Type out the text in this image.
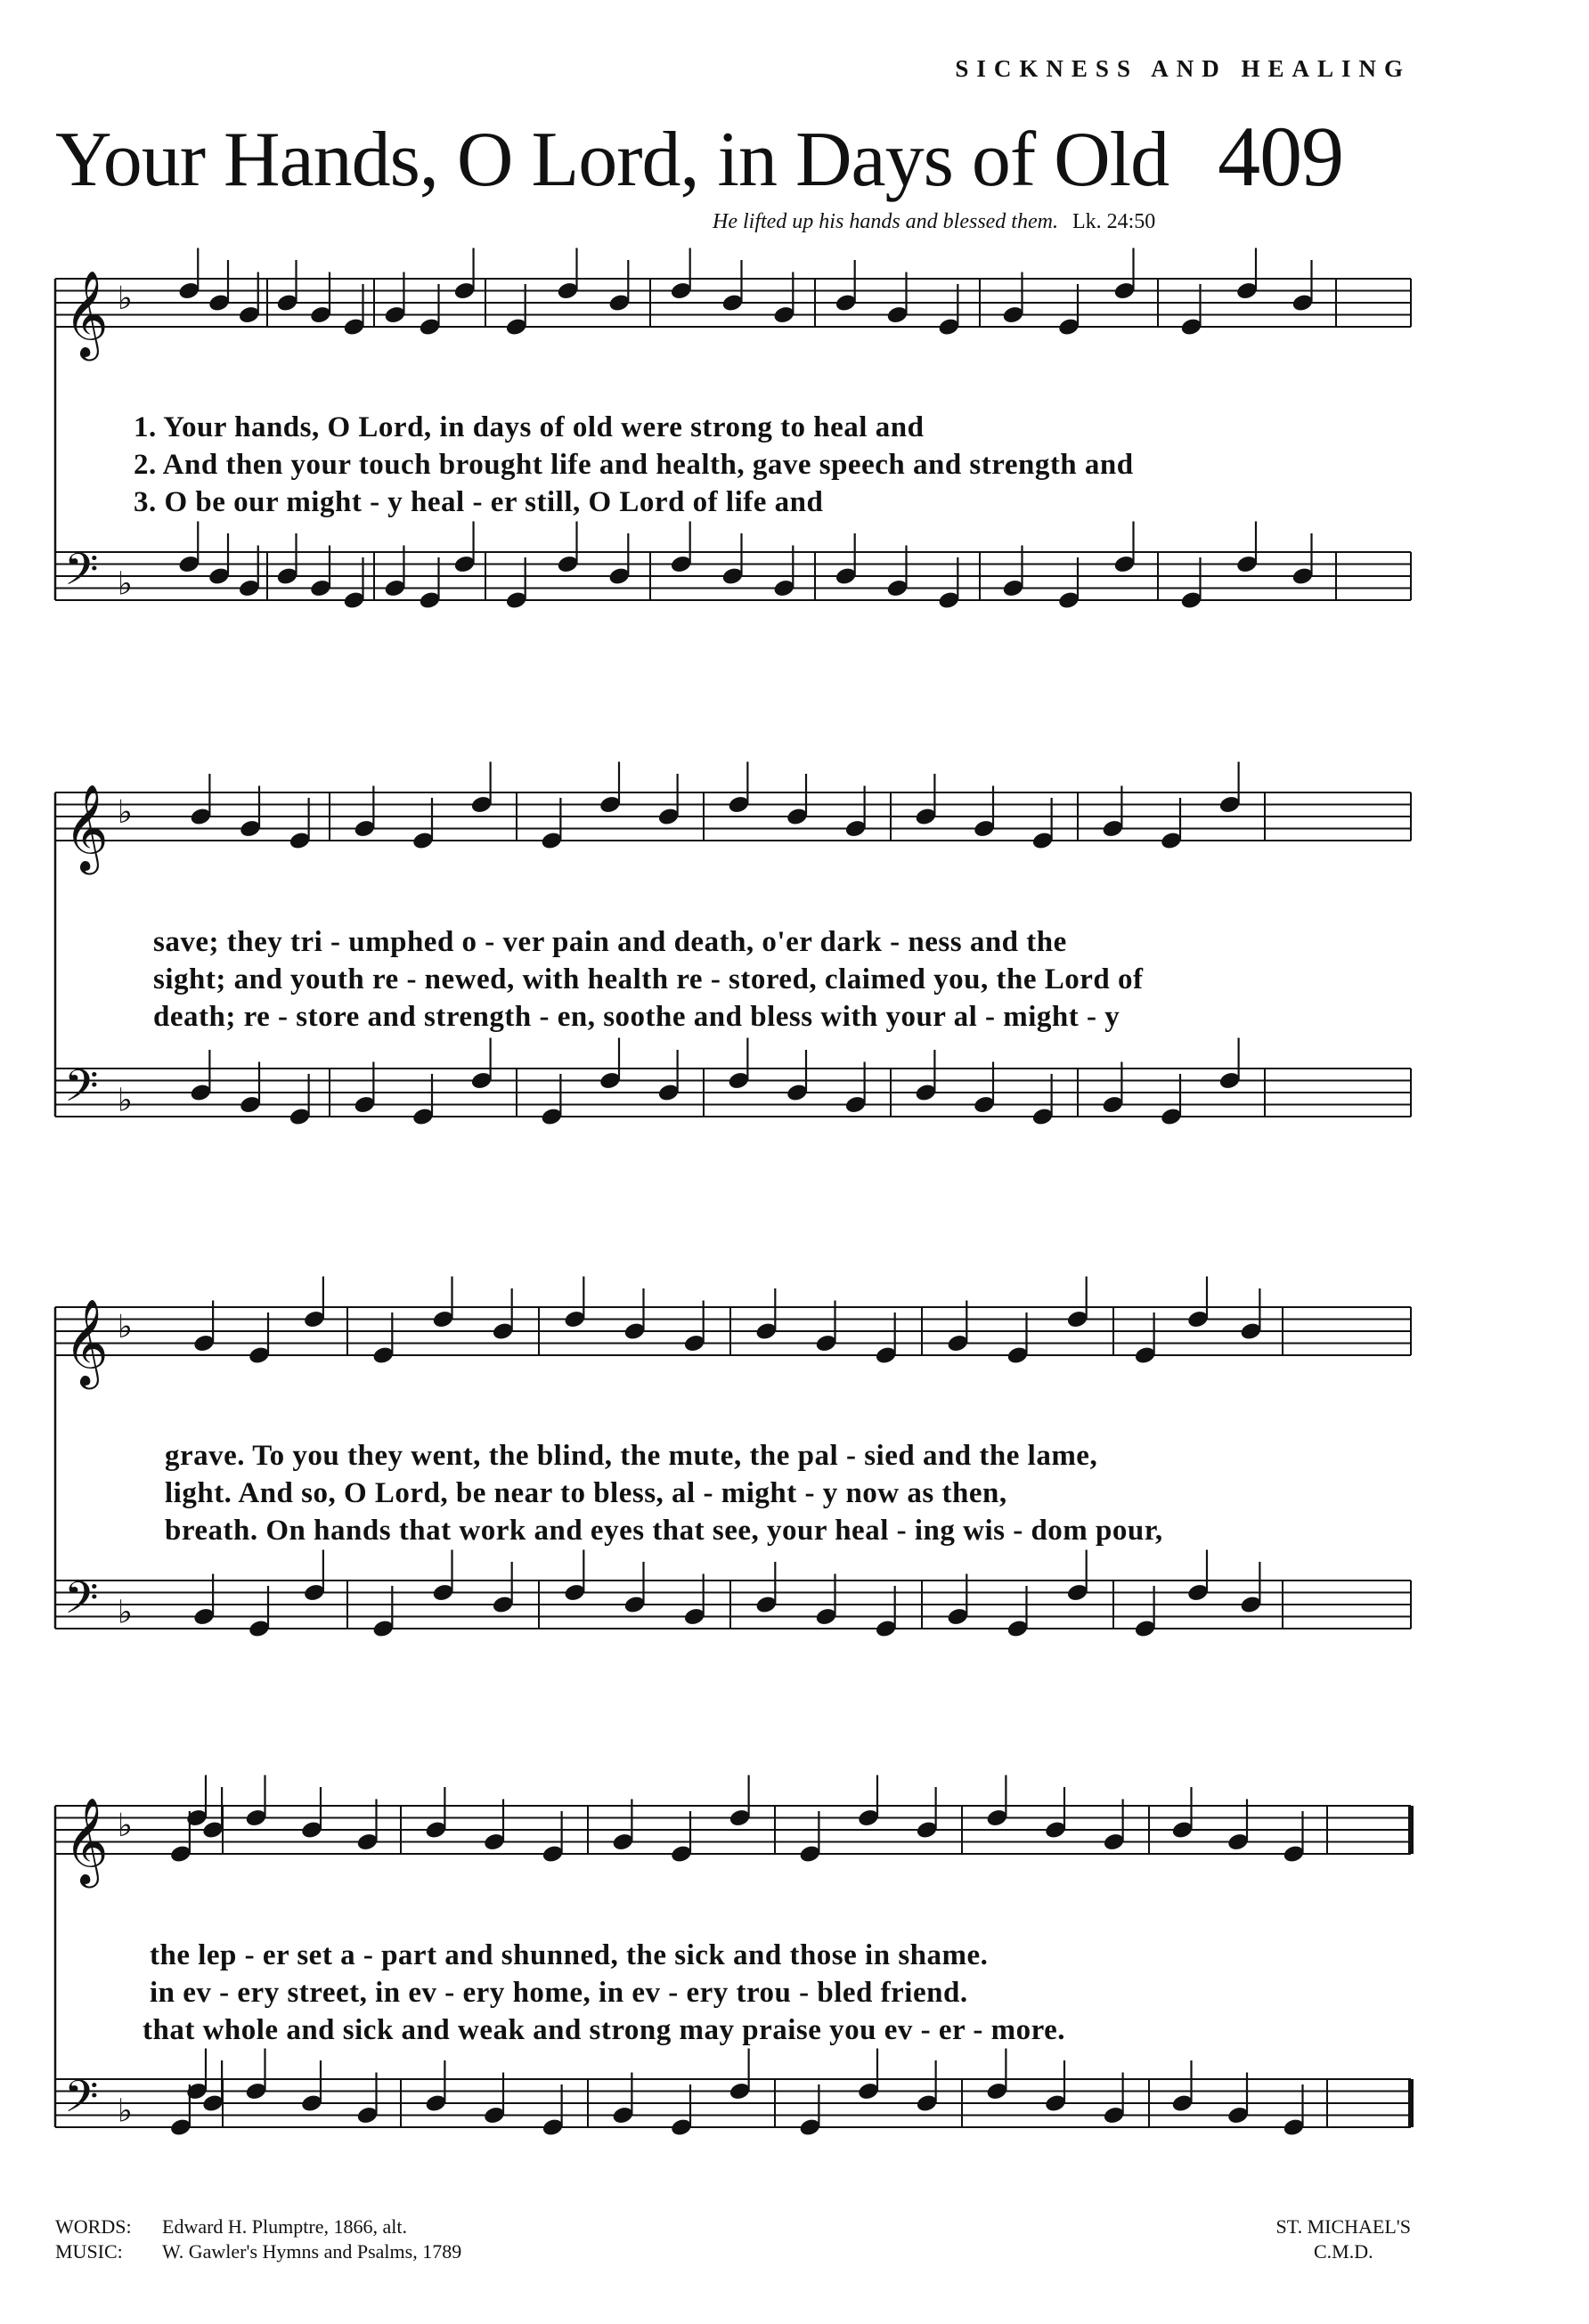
SICKNESS AND HEALING
Your Hands, O Lord, in Days of Old 409
He lifted up his hands and blessed them. Lk. 24:50
𝄞 ♭
𝄢 ♭
𝄞 ♭
𝄢 ♭
𝄞 ♭
𝄢 ♭
𝄞 ♭
𝄢 ♭
1. Your hands, O Lord, in days of old were strong to heal and
2. And then your touch brought life and health, gave speech and strength and
3. O be our might - y heal - er still, O Lord of life and
save; they tri - umphed o - ver pain and death, o'er dark - ness and the
sight; and youth re - newed, with health re - stored, claimed you, the Lord of
death; re - store and strength - en, soothe and bless with your al - might - y
grave. To you they went, the blind, the mute, the pal - sied and the lame,
light. And so, O Lord, be near to bless, al - might - y now as then,
breath. On hands that work and eyes that see, your heal - ing wis - dom pour,
the lep - er set a - part and shunned, the sick and those in shame.
in ev - ery street, in ev - ery home, in ev - ery trou - bled friend.
that whole and sick and weak and strong may praise you ev - er - more.
WORDS: Edward H. Plumptre, 1866, alt.
MUSIC: W. Gawler's Hymns and Psalms, 1789
ST. MICHAEL'S
C.M.D.
